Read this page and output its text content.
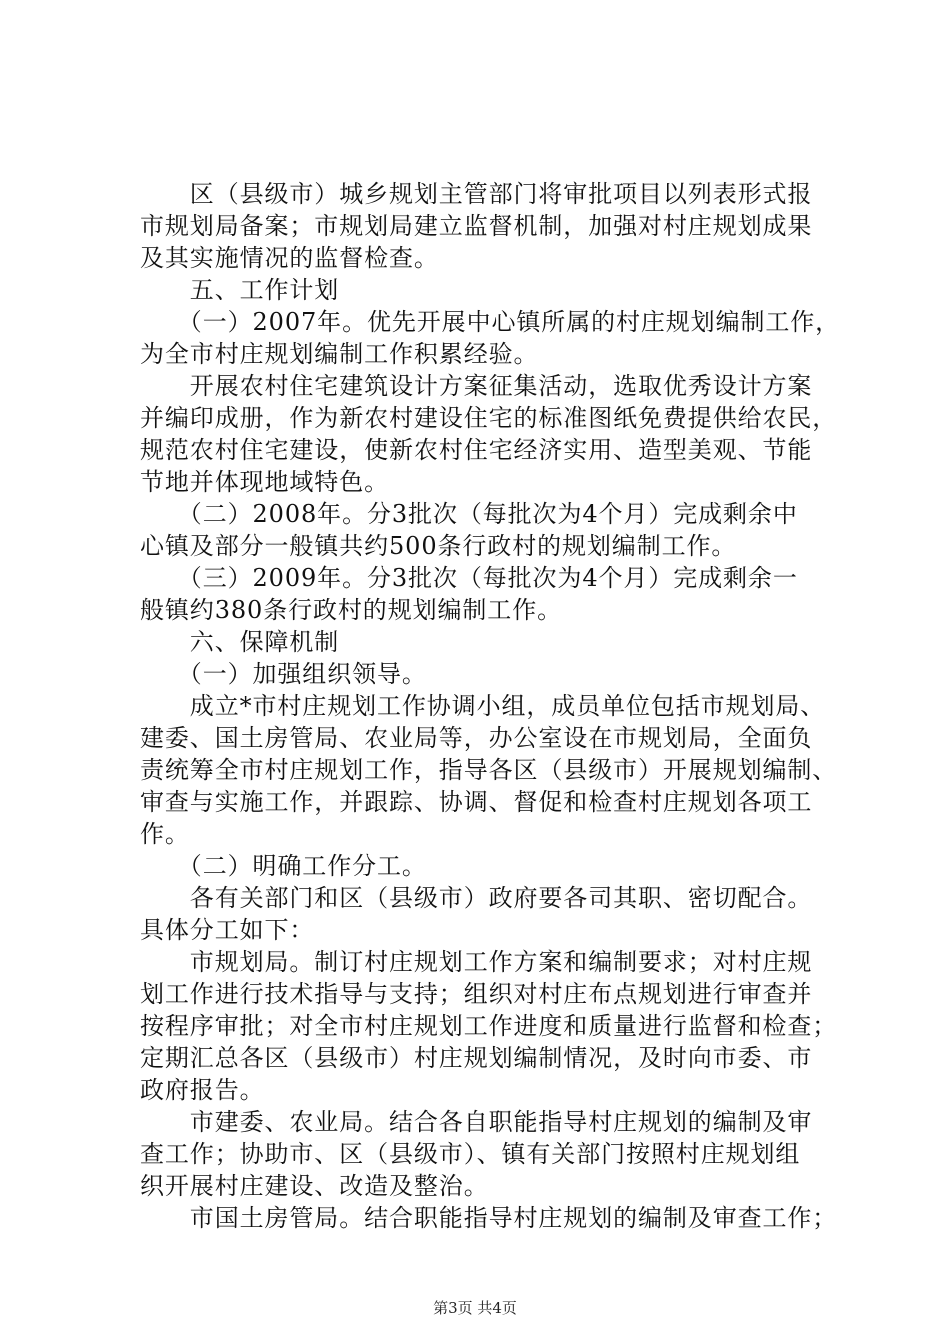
　　区（县级市）城乡规划主管部门将审批项目以列表形式报
市规划局备案；市规划局建立监督机制，加强对村庄规划成果
及其实施情况的监督检查。
　　五、工作计划
　　（一）2007年。优先开展中心镇所属的村庄规划编制工作，
为全市村庄规划编制工作积累经验。
　　开展农村住宅建筑设计方案征集活动，选取优秀设计方案
并编印成册，作为新农村建设住宅的标准图纸免费提供给农民，
规范农村住宅建设，使新农村住宅经济实用、造型美观、节能
节地并体现地域特色。
　　（二）2008年。分3批次（每批次为4个月）完成剩余中
心镇及部分一般镇共约500条行政村的规划编制工作。
　　（三）2009年。分3批次（每批次为4个月）完成剩余一
般镇约380条行政村的规划编制工作。
　　六、保障机制
　　（一）加强组织领导。
　　成立*市村庄规划工作协调小组，成员单位包括市规划局、
建委、国土房管局、农业局等，办公室设在市规划局，全面负
责统筹全市村庄规划工作，指导各区（县级市）开展规划编制、
审查与实施工作，并跟踪、协调、督促和检查村庄规划各项工
作。
　　（二）明确工作分工。
　　各有关部门和区（县级市）政府要各司其职、密切配合。
具体分工如下：
　　市规划局。制订村庄规划工作方案和编制要求；对村庄规
划工作进行技术指导与支持；组织对村庄布点规划进行审查并
按程序审批；对全市村庄规划工作进度和质量进行监督和检查；
定期汇总各区（县级市）村庄规划编制情况，及时向市委、市
政府报告。
　　市建委、农业局。结合各自职能指导村庄规划的编制及审
查工作；协助市、区（县级市）、镇有关部门按照村庄规划组
织开展村庄建设、改造及整治。
　　市国土房管局。结合职能指导村庄规划的编制及审查工作；
第3页 共4页
